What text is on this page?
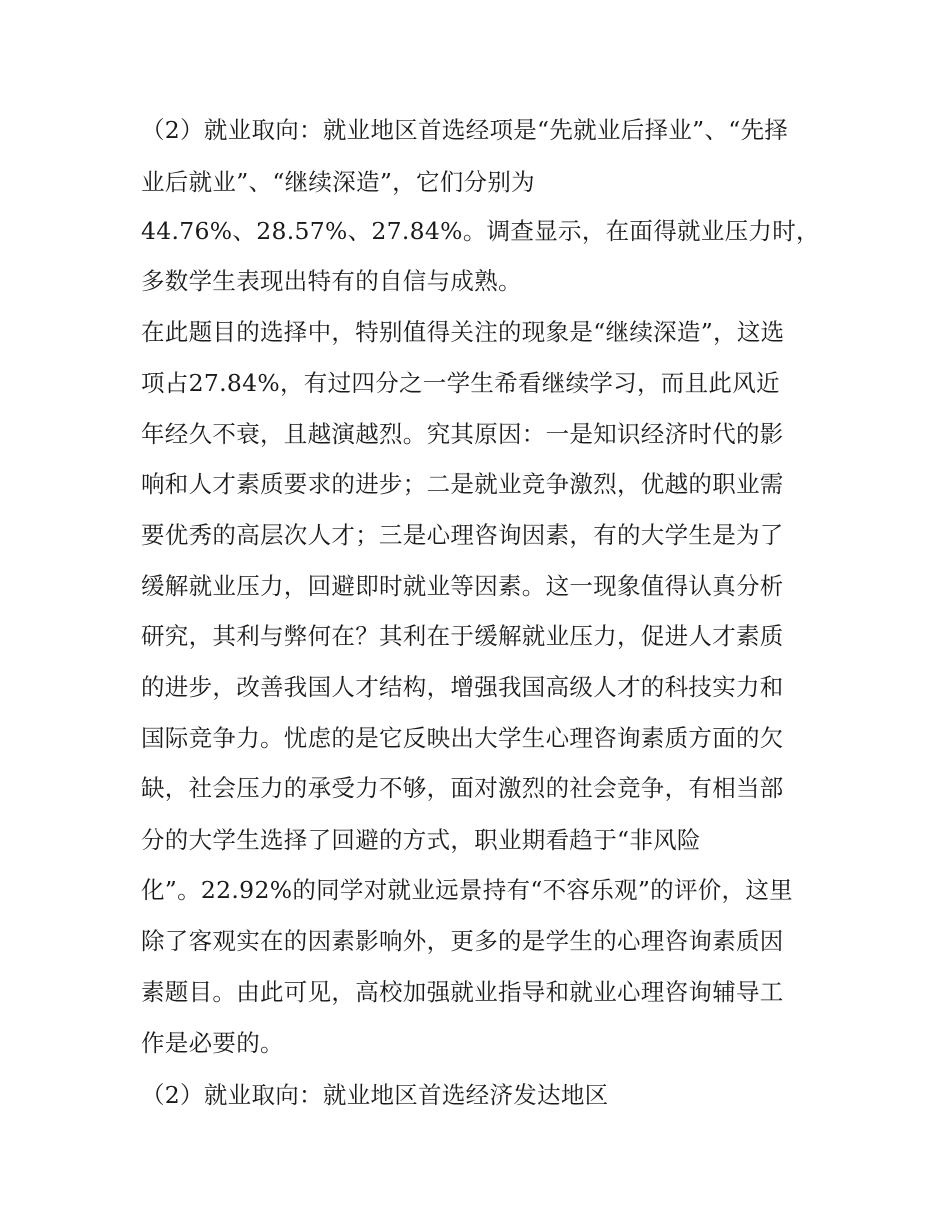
（2）就业取向：就业地区首选经项是“先就业后择业”、“先择
业后就业”、“继续深造”，它们分别为
44.76%、28.57%、27.84%。调查显示，在面得就业压力时，
多数学生表现出特有的自信与成熟。
在此题目的选择中，特别值得关注的现象是“继续深造”，这选
项占27.84%，有过四分之一学生希看继续学习，而且此风近
年经久不衰，且越演越烈。究其原因：一是知识经济时代的影
响和人才素质要求的进步；二是就业竞争激烈，优越的职业需
要优秀的高层次人才；三是心理咨询因素，有的大学生是为了
缓解就业压力，回避即时就业等因素。这一现象值得认真分析
研究，其利与弊何在？其利在于缓解就业压力，促进人才素质
的进步，改善我国人才结构，增强我国高级人才的科技实力和
国际竞争力。忧虑的是它反映出大学生心理咨询素质方面的欠
缺，社会压力的承受力不够，面对激烈的社会竞争，有相当部
分的大学生选择了回避的方式，职业期看趋于“非风险
化”。22.92%的同学对就业远景持有“不容乐观”的评价，这里
除了客观实在的因素影响外，更多的是学生的心理咨询素质因
素题目。由此可见，高校加强就业指导和就业心理咨询辅导工
作是必要的。
（2）就业取向：就业地区首选经济发达地区
